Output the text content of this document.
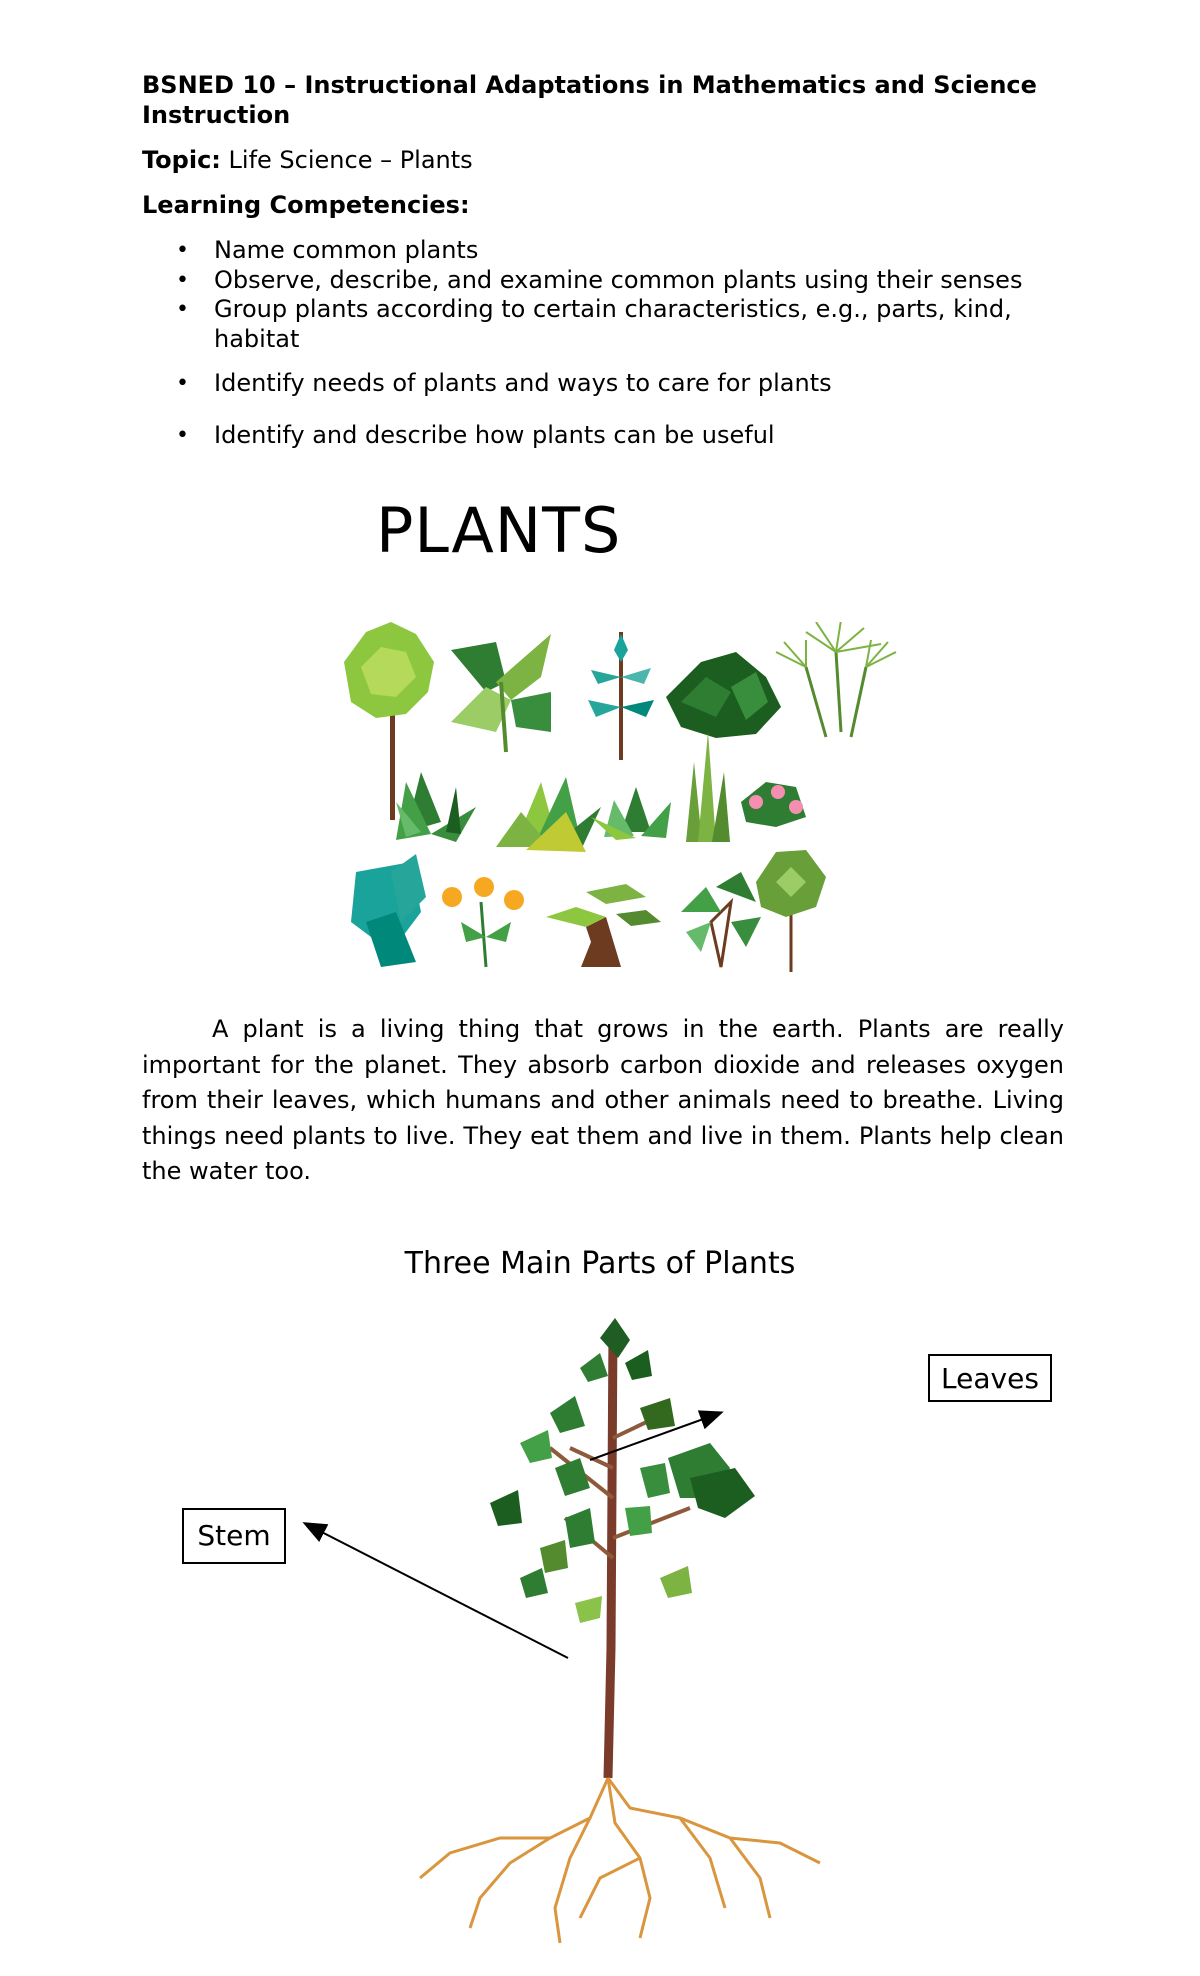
BSNED 10 – Instructional Adaptations in Mathematics and Science Instruction
Topic: Life Science – Plants
Learning Competencies:
• Name common plants
• Observe, describe, and examine common plants using their senses
• Group plants according to certain characteristics, e.g., parts, kind, habitat
• Identify needs of plants and ways to care for plants
• Identify and describe how plants can be useful
PLANTS
A plant is a living thing that grows in the earth. Plants are really important for the planet. They absorb carbon dioxide and releases oxygen from their leaves, which humans and other animals need to breathe. Living things need plants to live. They eat them and live in them. Plants help clean the water too.
Three Main Parts of Plants
Leaves
Stem
